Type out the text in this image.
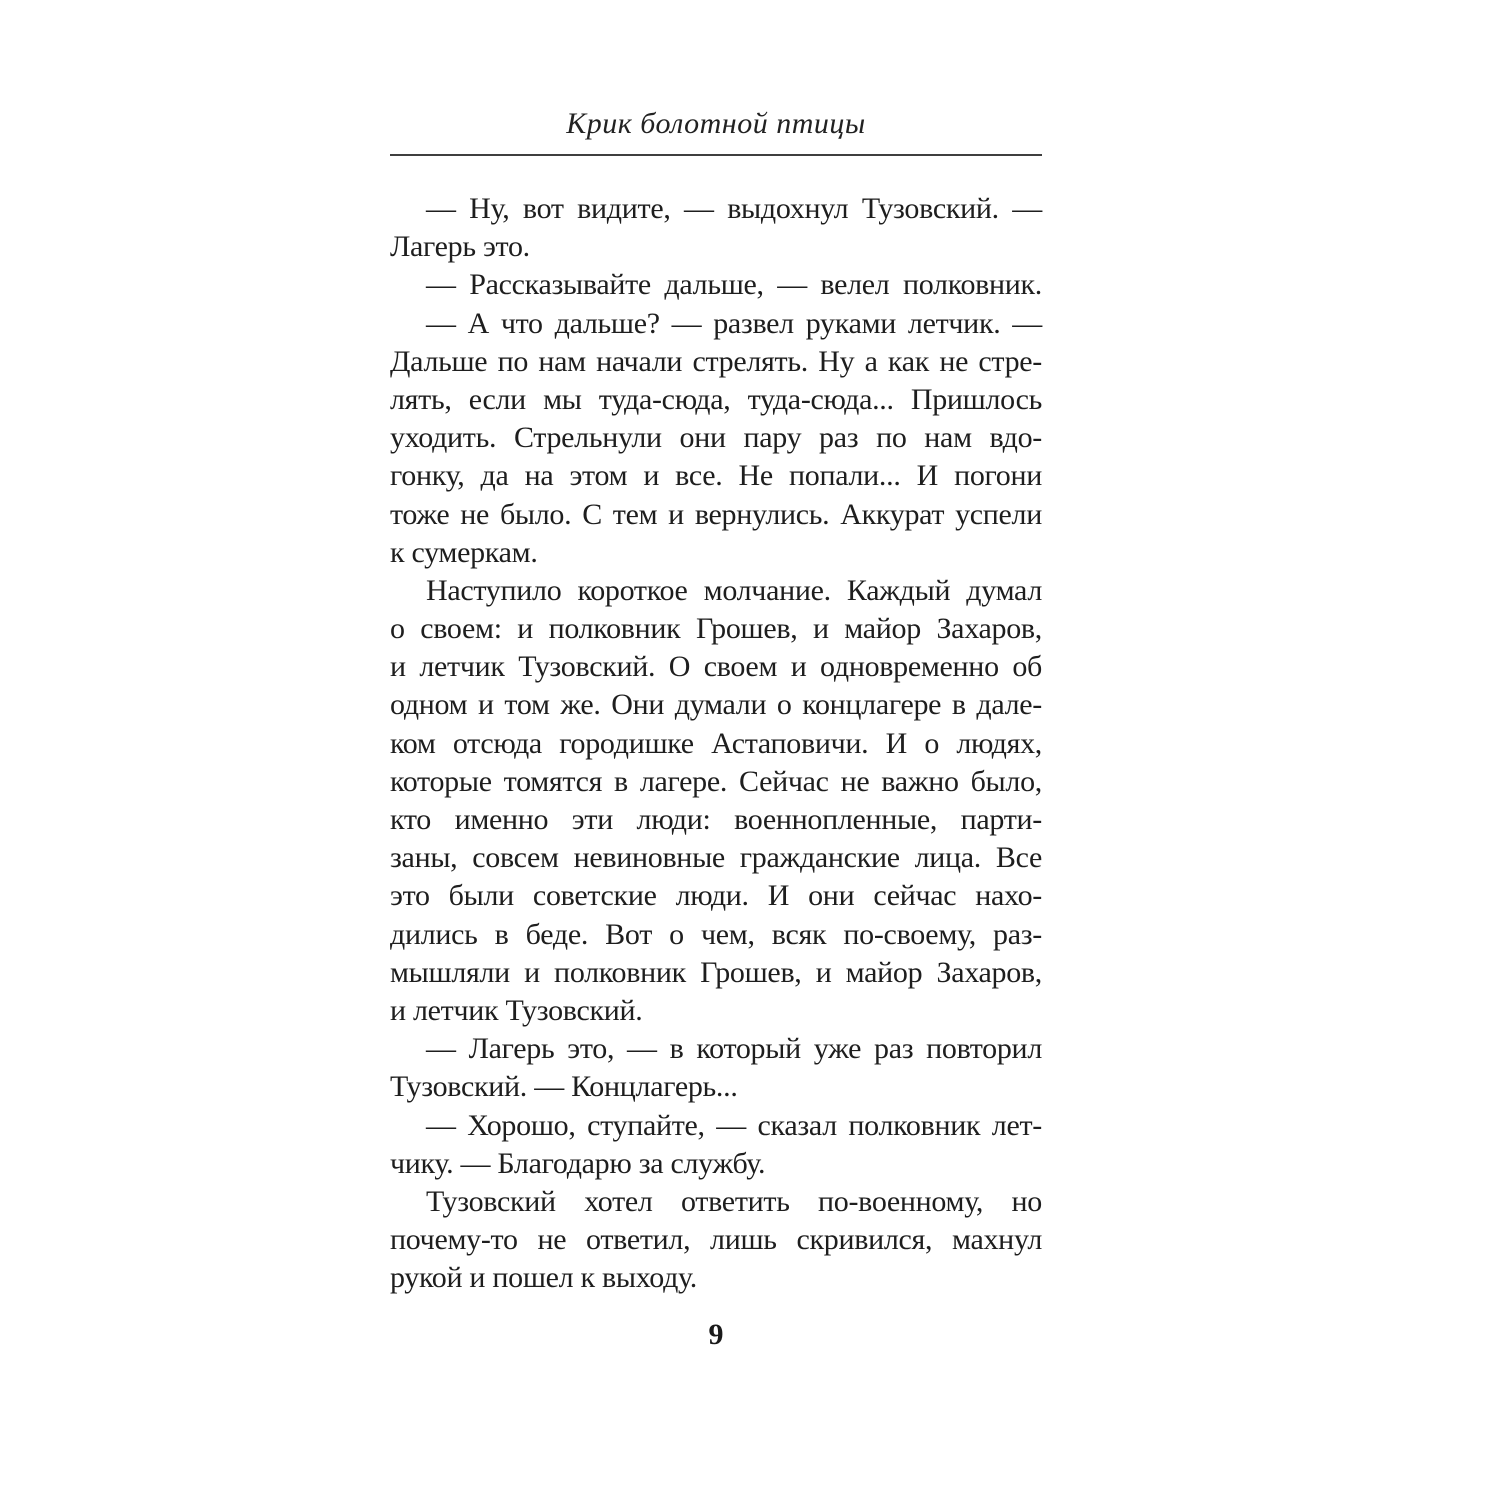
Крик болотной птицы
— Ну, вот видите, — выдохнул Тузовский. —
Лагерь это.
— Рассказывайте дальше, — велел полковник.
— А что дальше? — развел руками летчик. —
Дальше по нам начали стрелять. Ну а как не стре-
лять, если мы туда-сюда, туда-сюда... Пришлось
уходить. Стрельнули они пару раз по нам вдо-
гонку, да на этом и все. Не попали... И погони
тоже не было. С тем и вернулись. Аккурат успели
к сумеркам.
Наступило короткое молчание. Каждый думал
о своем: и полковник Грошев, и майор Захаров,
и летчик Тузовский. О своем и одновременно об
одном и том же. Они думали о концлагере в дале-
ком отсюда городишке Астаповичи. И о людях,
которые томятся в лагере. Сейчас не важно было,
кто именно эти люди: военнопленные, парти-
заны, совсем невиновные гражданские лица. Все
это были советские люди. И они сейчас нахо-
дились в беде. Вот о чем, всяк по-своему, раз-
мышляли и полковник Грошев, и майор Захаров,
и летчик Тузовский.
— Лагерь это, — в который уже раз повторил
Тузовский. — Концлагерь...
— Хорошо, ступайте, — сказал полковник лет-
чику. — Благодарю за службу.
Тузовский хотел ответить по-военному, но
почему-то не ответил, лишь скривился, махнул
рукой и пошел к выходу.
9
